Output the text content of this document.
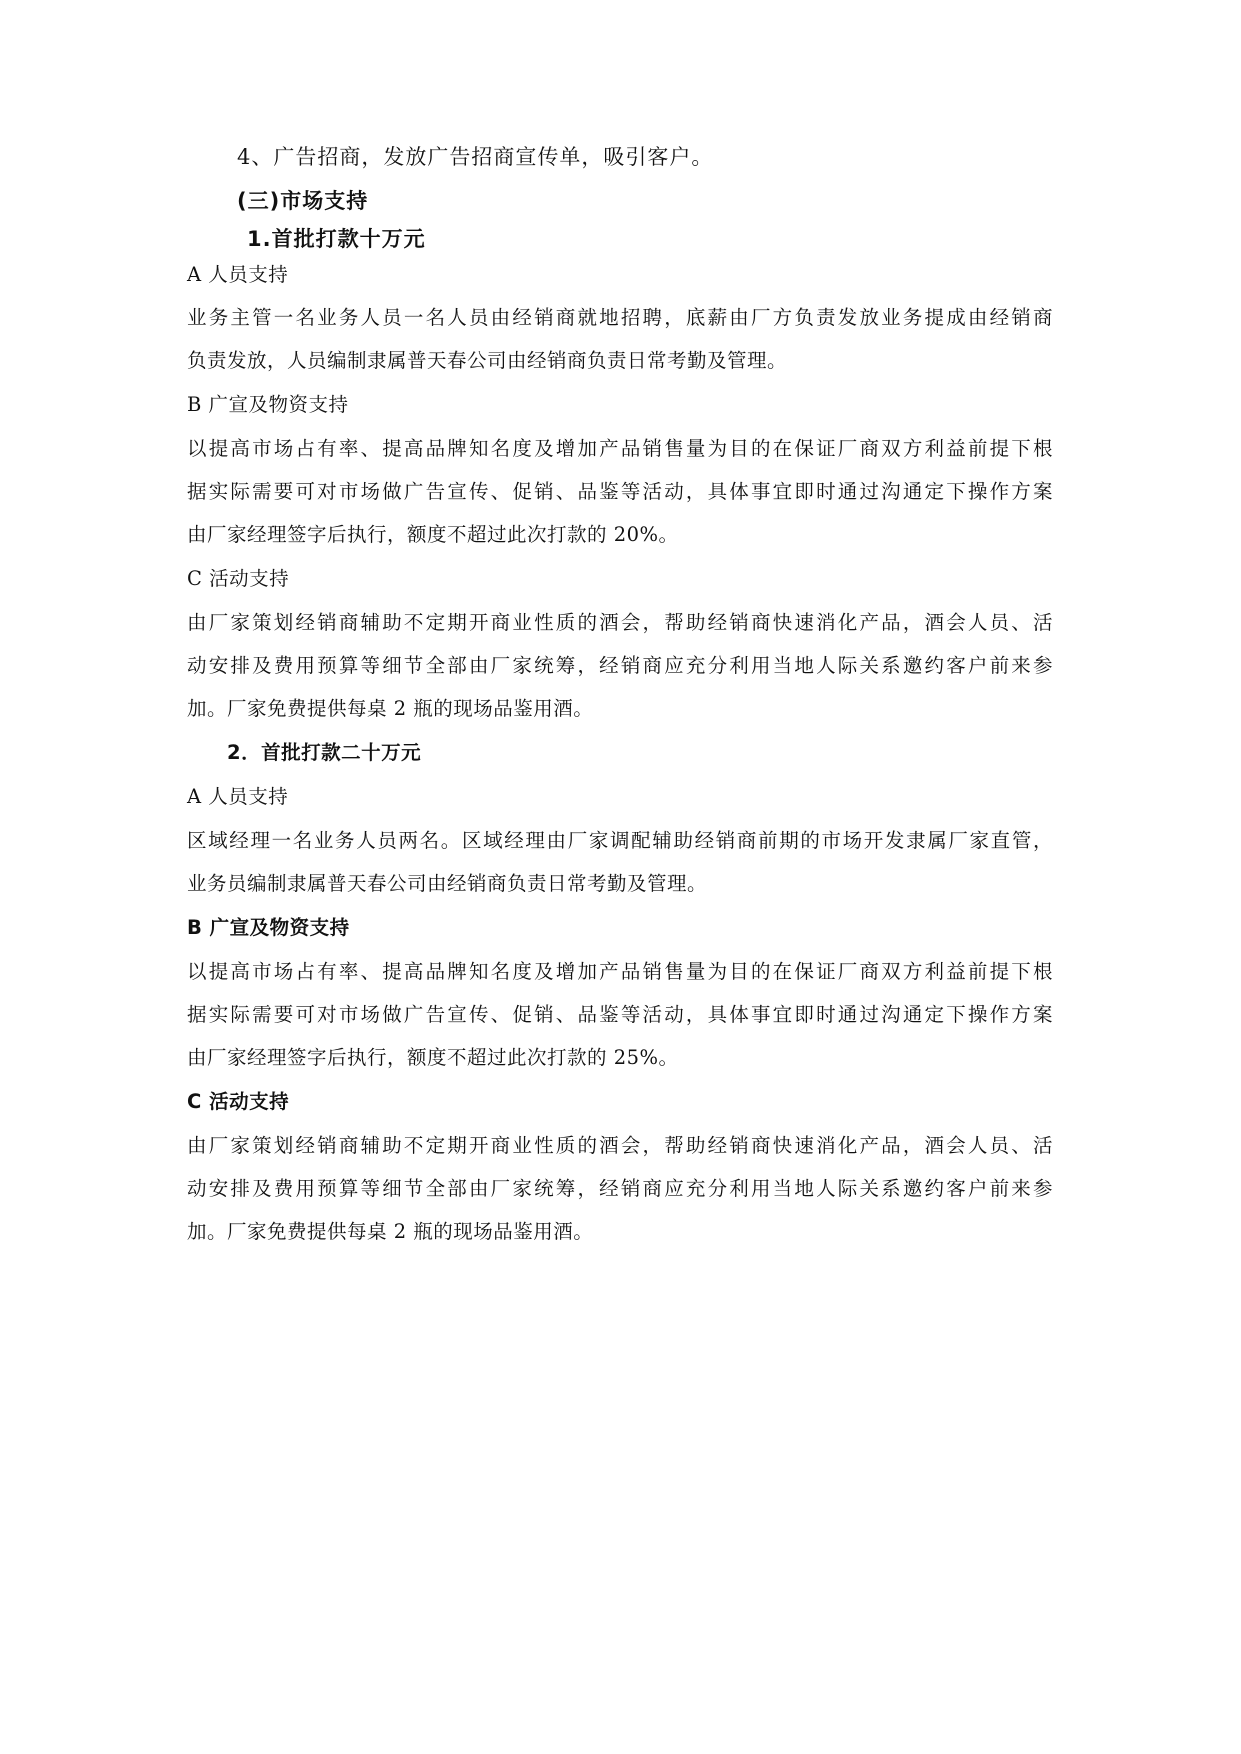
4、广告招商，发放广告招商宣传单，吸引客户。
(三)市场支持
1.首批打款十万元
A 人员支持
业务主管一名业务人员一名人员由经销商就地招聘，底薪由厂方负责发放业务提成由经销商
负责发放，人员编制隶属普天春公司由经销商负责日常考勤及管理。
B 广宣及物资支持
以提高市场占有率、提高品牌知名度及增加产品销售量为目的在保证厂商双方利益前提下根
据实际需要可对市场做广告宣传、促销、品鉴等活动，具体事宜即时通过沟通定下操作方案
由厂家经理签字后执行，额度不超过此次打款的 20%。
C 活动支持
由厂家策划经销商辅助不定期开商业性质的酒会，帮助经销商快速消化产品，酒会人员、活
动安排及费用预算等细节全部由厂家统筹，经销商应充分利用当地人际关系邀约客户前来参
加。厂家免费提供每桌 2 瓶的现场品鉴用酒。
2．首批打款二十万元
A 人员支持
区域经理一名业务人员两名。区域经理由厂家调配辅助经销商前期的市场开发隶属厂家直管，
业务员编制隶属普天春公司由经销商负责日常考勤及管理。
B 广宣及物资支持
以提高市场占有率、提高品牌知名度及增加产品销售量为目的在保证厂商双方利益前提下根
据实际需要可对市场做广告宣传、促销、品鉴等活动，具体事宜即时通过沟通定下操作方案
由厂家经理签字后执行，额度不超过此次打款的 25%。
C 活动支持
由厂家策划经销商辅助不定期开商业性质的酒会，帮助经销商快速消化产品，酒会人员、活
动安排及费用预算等细节全部由厂家统筹，经销商应充分利用当地人际关系邀约客户前来参
加。厂家免费提供每桌 2 瓶的现场品鉴用酒。
